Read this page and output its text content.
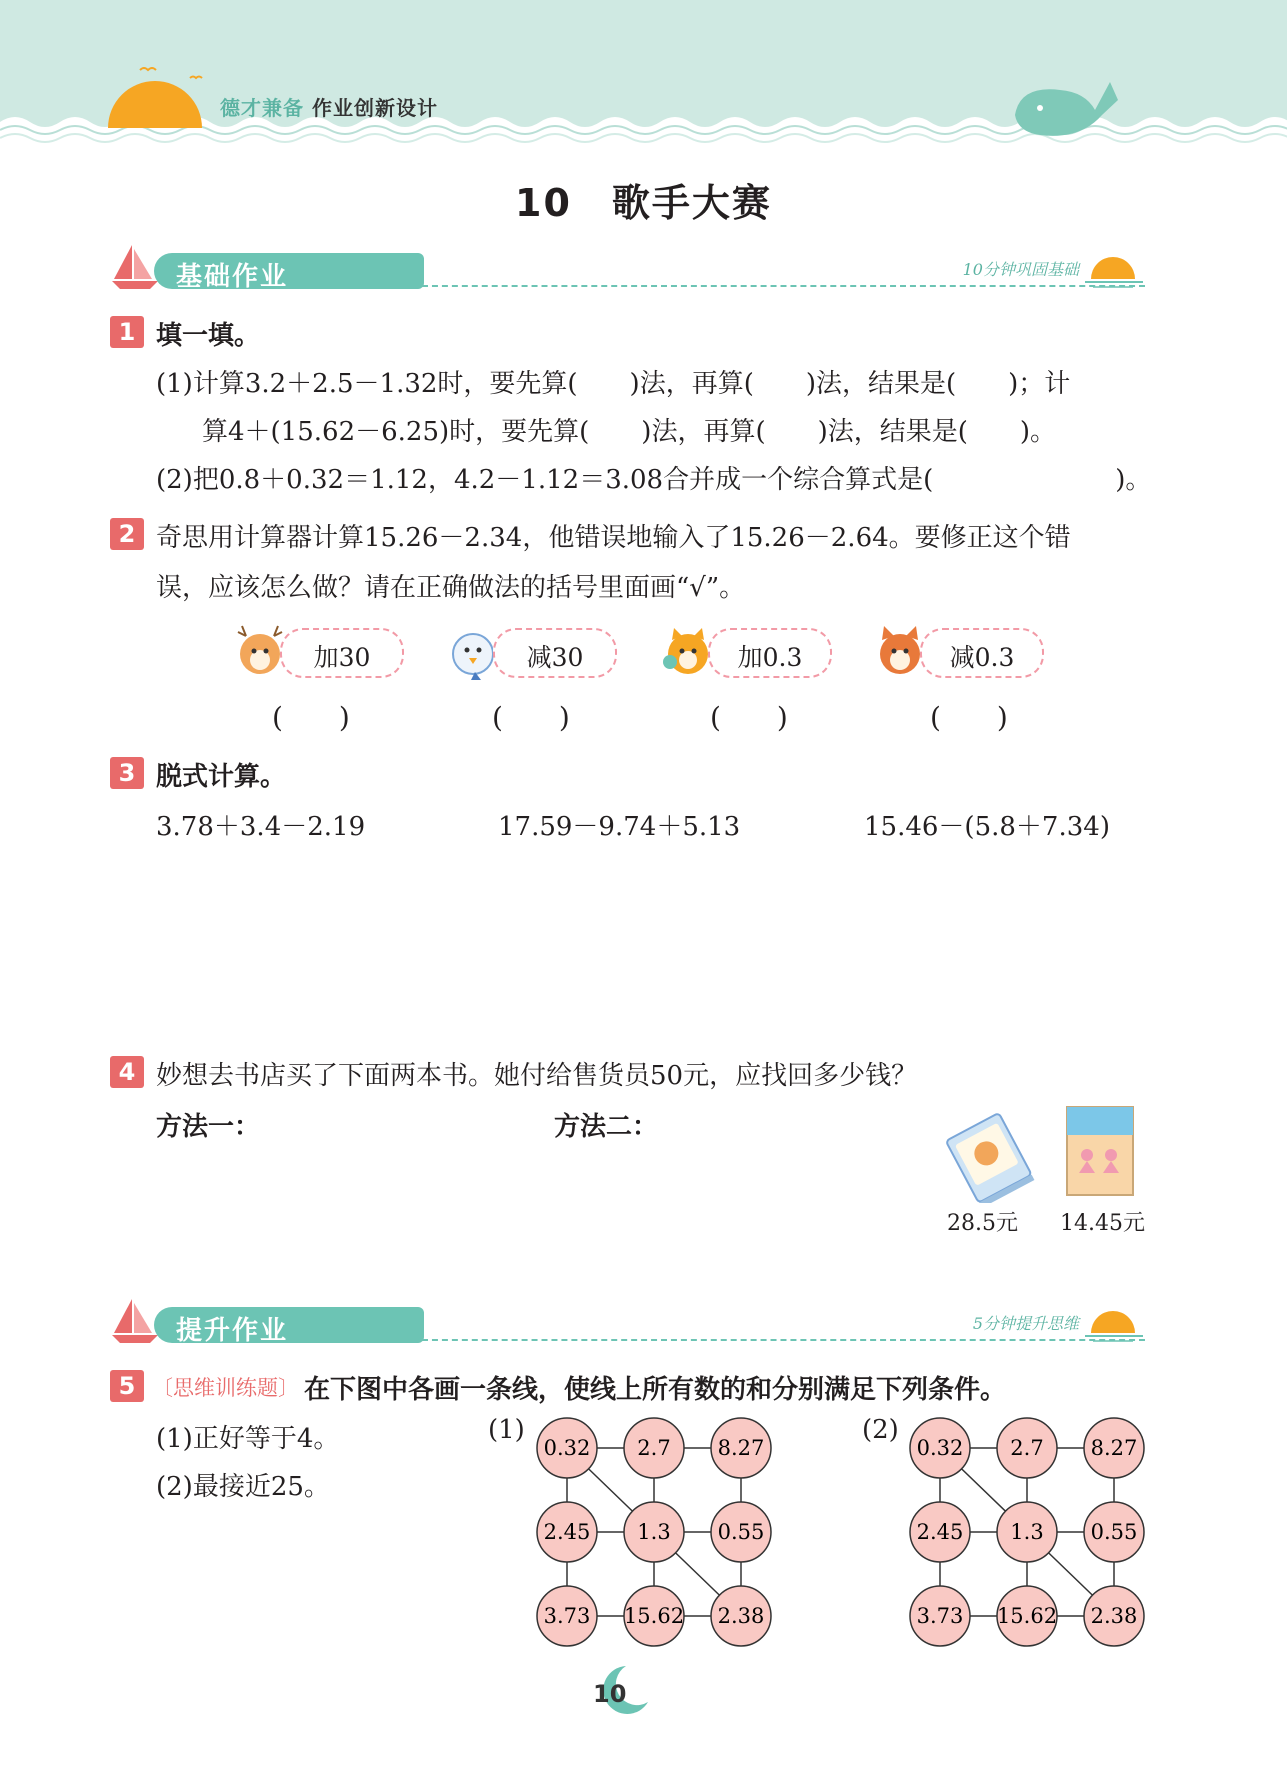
德才兼备 作业创新设计
10　歌手大赛
基础作业	10分钟巩固基础
1 填一填。
(1)计算3.2＋2.5－1.32时，要先算(　　)法，再算(　　)法，结果是(　　)；计
算4＋(15.62－6.25)时，要先算(　　)法，再算(　　)法，结果是(　　)。
(2)把0.8＋0.32＝1.12，4.2－1.12＝3.08合并成一个综合算式是(　　　　　　　)。
2 奇思用计算器计算15.26－2.34，他错误地输入了15.26－2.64。要修正这个错
误，应该怎么做？请在正确做法的括号里面画“√”。
加30	减30	加0.3	减0.3
(　　)	(　　)	(　　)	(　　)
3 脱式计算。
3.78＋3.4－2.19	17.59－9.74＋5.13	15.46－(5.8＋7.34)
4 妙想去书店买了下面两本书。她付给售货员50元，应找回多少钱？
方法一：	方法二：
28.5元 14.45元
提升作业	5分钟提升思维
5 〔思维训练题〕 在下图中各画一条线，使线上所有数的和分别满足下列条件。
(1)正好等于4。
(2)最接近25。
(1)	(2)
0.32 2.7 8.27
2.45 1.3 0.55
3.73 15.62 2.38
0.32 2.7 8.27
2.45 1.3 0.55
3.73 15.62 2.38
10
